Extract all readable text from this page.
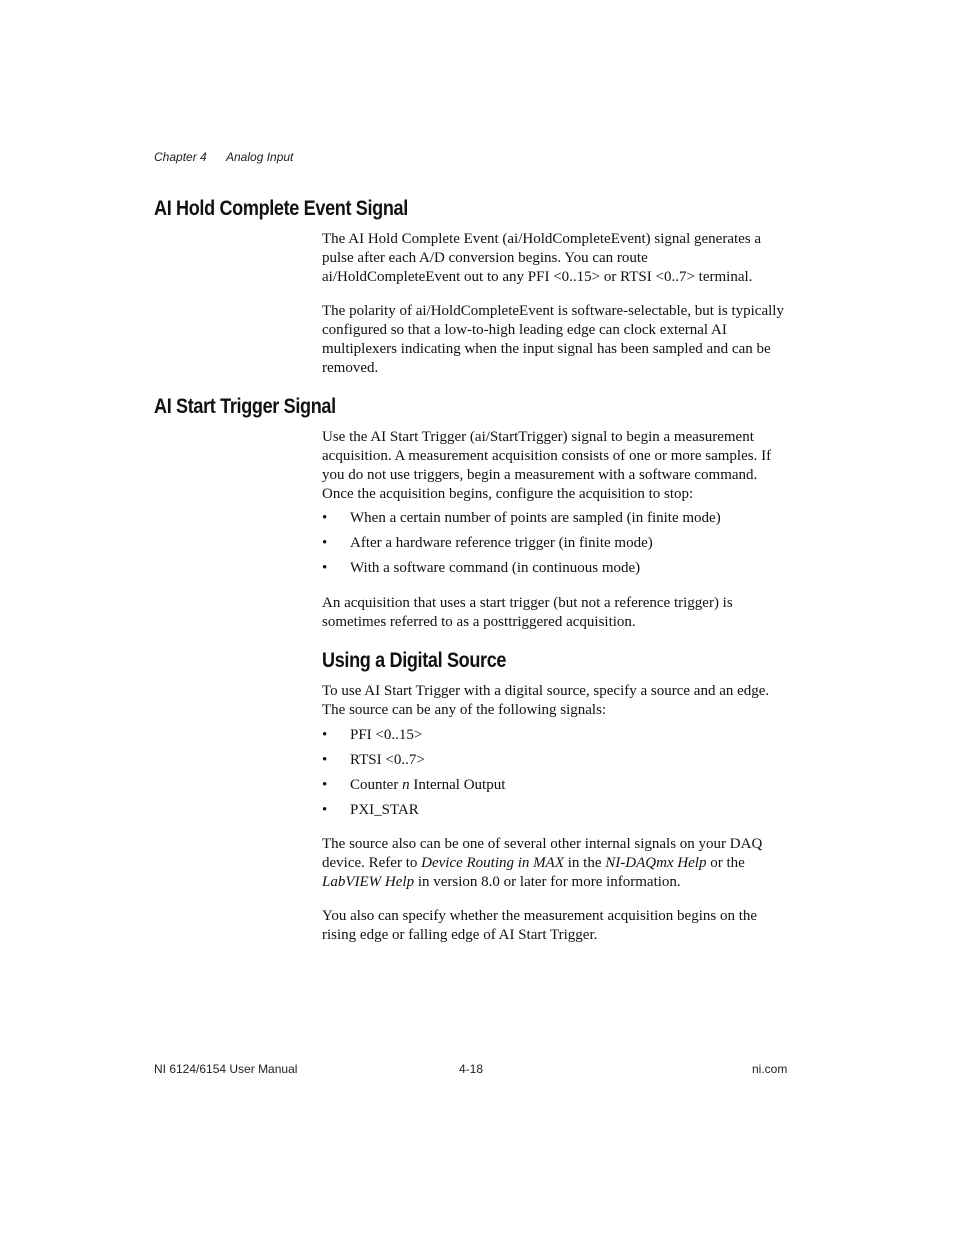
Chapter 4 Analog Input
AI Hold Complete Event Signal

The AI Hold Complete Event (ai/HoldCompleteEvent) signal generates a pulse after each A/D conversion begins. You can route ai/HoldCompleteEvent out to any PFI <0..15> or RTSI <0..7> terminal.

The polarity of ai/HoldCompleteEvent is software-selectable, but is typically configured so that a low-to-high leading edge can clock external AI multiplexers indicating when the input signal has been sampled and can be removed.

AI Start Trigger Signal

Use the AI Start Trigger (ai/StartTrigger) signal to begin a measurement acquisition. A measurement acquisition consists of one or more samples. If you do not use triggers, begin a measurement with a software command. Once the acquisition begins, configure the acquisition to stop:

• When a certain number of points are sampled (in finite mode)
• After a hardware reference trigger (in finite mode)
• With a software command (in continuous mode)

An acquisition that uses a start trigger (but not a reference trigger) is sometimes referred to as a posttriggered acquisition.

Using a Digital Source

To use AI Start Trigger with a digital source, specify a source and an edge. The source can be any of the following signals:

• PFI <0..15>
• RTSI <0..7>
• Counter n Internal Output
• PXI_STAR

The source also can be one of several other internal signals on your DAQ device. Refer to Device Routing in MAX in the NI-DAQmx Help or the LabVIEW Help in version 8.0 or later for more information.

You also can specify whether the measurement acquisition begins on the rising edge or falling edge of AI Start Trigger.

NI 6124/6154 User Manual	4-18	ni.com
